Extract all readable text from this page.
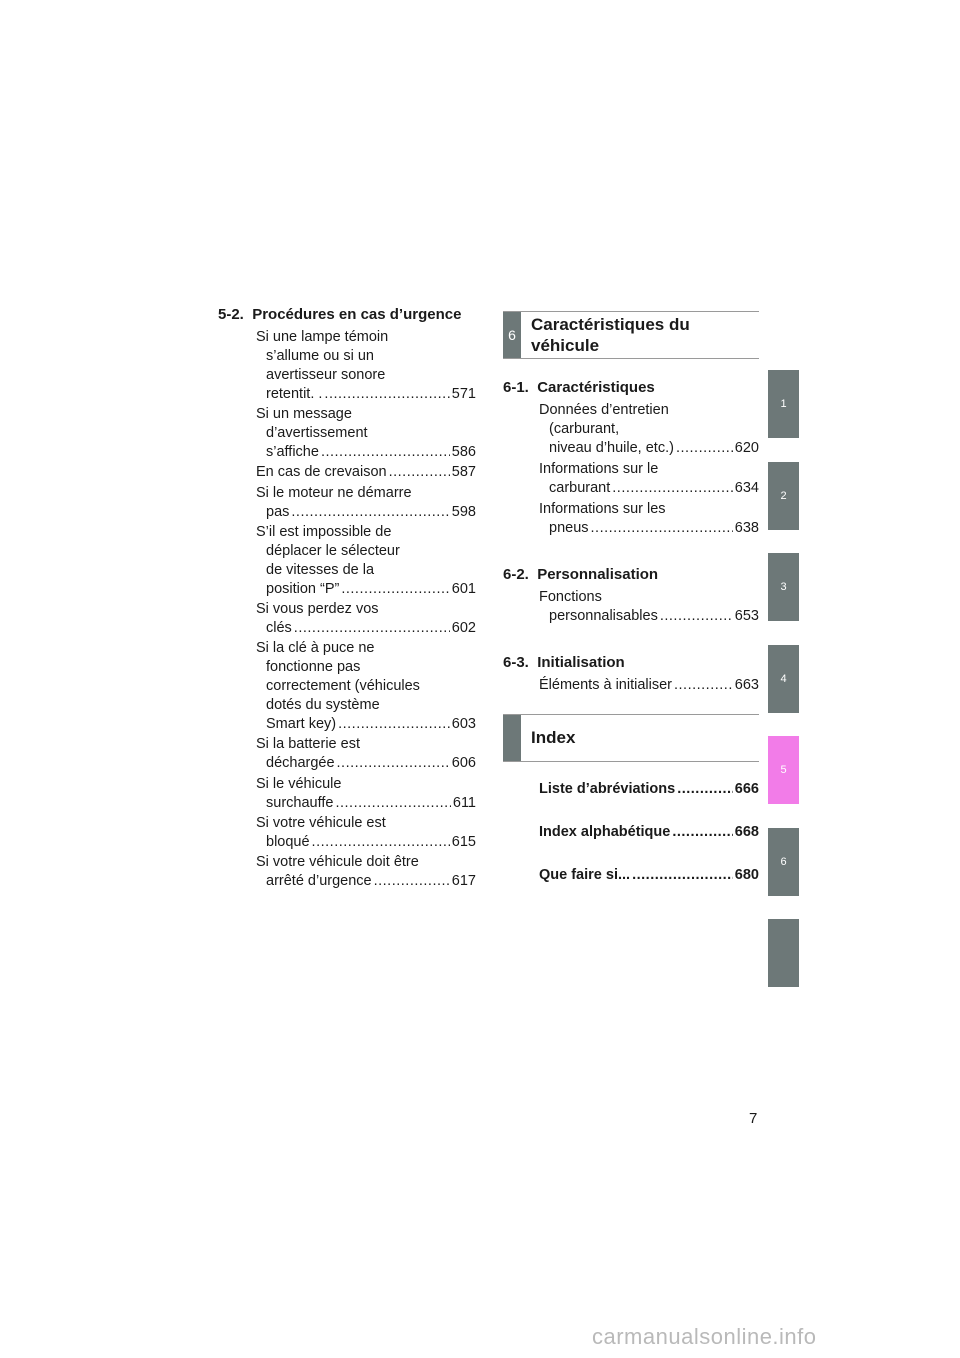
5-2. Procédures en cas d’urgence
Si une lampe témoin
s’allume ou si un
avertisseur sonore
retentit. . .....	571
Si un message
d’avertissement
s’affiche .....	586
En cas de crevaison .....	587
Si le moteur ne démarre
pas .....	598
S’il est impossible de
déplacer le sélecteur
de vitesses de la
position “P” .....	601
Si vous perdez vos
clés .....	602
Si la clé à puce ne
fonctionne pas
correctement (véhicules
dotés du système
Smart key) .....	603
Si la batterie est
déchargée .....	606
Si le véhicule
surchauffe .....	611
Si votre véhicule est
bloqué .....	615
Si votre véhicule doit être
arrêté d’urgence .....	617
6
Caractéristiques du
véhicule
6-1. Caractéristiques
Données d’entretien
(carburant,
niveau d’huile, etc.) .....	620
Informations sur le
carburant .....	634
Informations sur les
pneus .....	638
6-2. Personnalisation
Fonctions
personnalisables .....	653
6-3. Initialisation
Éléments à initialiser .....	663
Index
Liste d’abréviations .....	666
Index alphabétique .....	668
Que faire si... .....	680
1
2
3
4
5
6
7
carmanualsonline.info
